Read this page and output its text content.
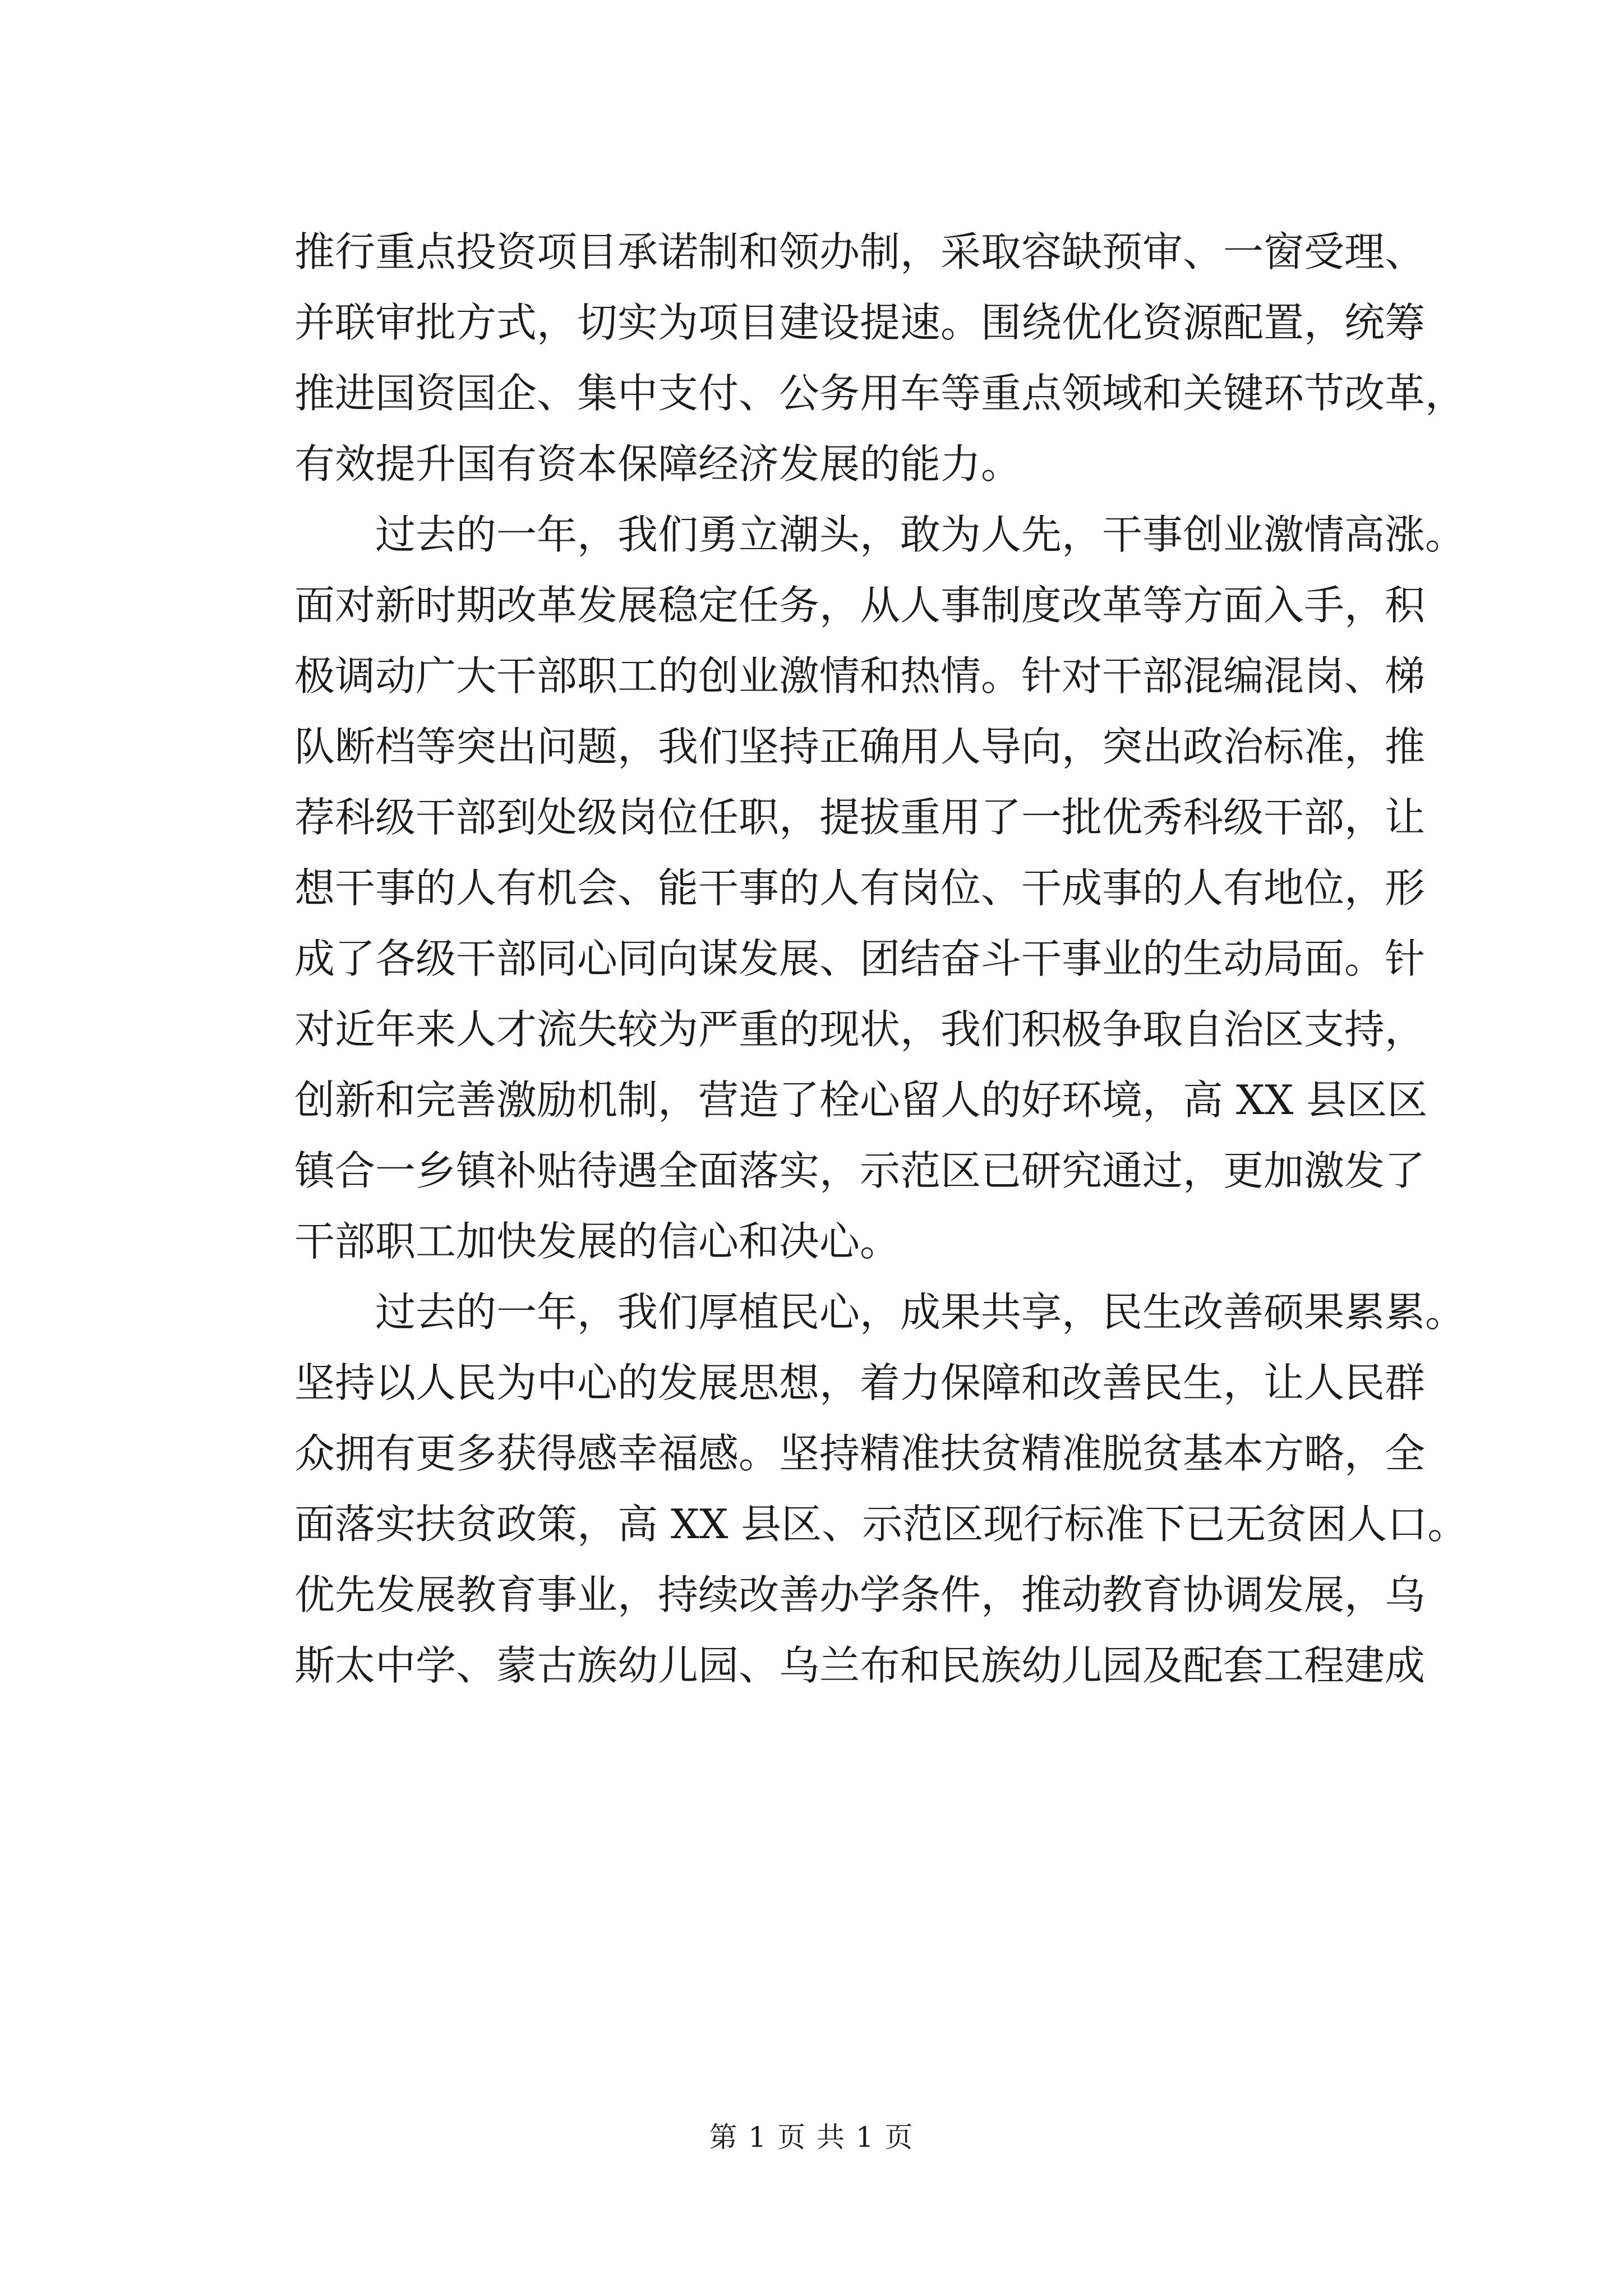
推行重点投资项目承诺制和领办制，采取容缺预审、一窗受理、
并联审批方式，切实为项目建设提速。围绕优化资源配置，统筹
推进国资国企、集中支付、公务用车等重点领域和关键环节改革，
有效提升国有资本保障经济发展的能力。
　　过去的一年，我们勇立潮头，敢为人先，干事创业激情高涨。
面对新时期改革发展稳定任务，从人事制度改革等方面入手，积
极调动广大干部职工的创业激情和热情。针对干部混编混岗、梯
队断档等突出问题，我们坚持正确用人导向，突出政治标准，推
荐科级干部到处级岗位任职，提拔重用了一批优秀科级干部，让
想干事的人有机会、能干事的人有岗位、干成事的人有地位，形
成了各级干部同心同向谋发展、团结奋斗干事业的生动局面。针
对近年来人才流失较为严重的现状，我们积极争取自治区支持，
创新和完善激励机制，营造了栓心留人的好环境，高 XX 县区区
镇合一乡镇补贴待遇全面落实，示范区已研究通过，更加激发了
干部职工加快发展的信心和决心。
　　过去的一年，我们厚植民心，成果共享，民生改善硕果累累。
坚持以人民为中心的发展思想，着力保障和改善民生，让人民群
众拥有更多获得感幸福感。坚持精准扶贫精准脱贫基本方略，全
面落实扶贫政策，高 XX 县区、示范区现行标准下已无贫困人口。
优先发展教育事业，持续改善办学条件，推动教育协调发展，乌
斯太中学、蒙古族幼儿园、乌兰布和民族幼儿园及配套工程建成
第 1 页 共 1 页
